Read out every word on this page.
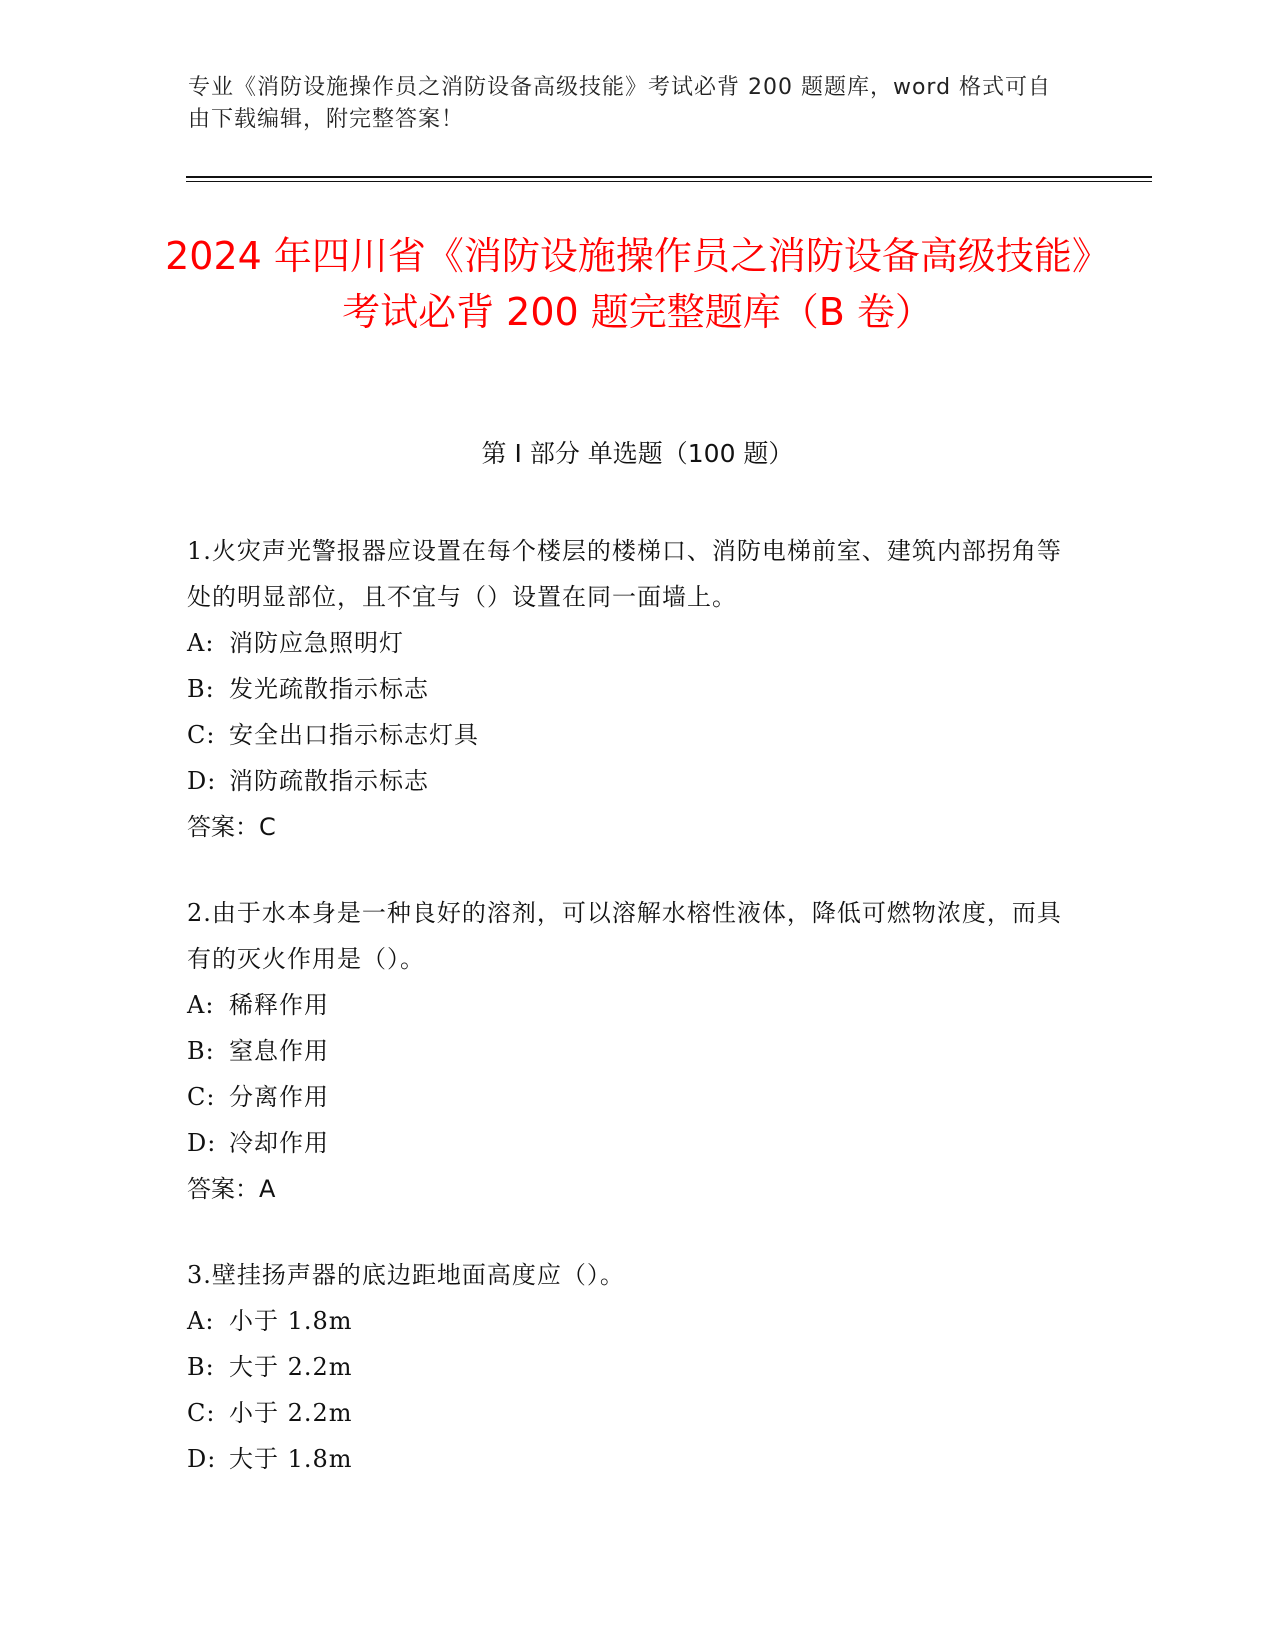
专业《消防设施操作员之消防设备高级技能》考试必背 200 题题库，word 格式可自由下载编辑，附完整答案！
2024 年四川省《消防设施操作员之消防设备高级技能》考试必背 200 题完整题库（B 卷）
第 I 部分 单选题（100 题）
1.火灾声光警报器应设置在每个楼层的楼梯口、消防电梯前室、建筑内部拐角等处的明显部位，且不宜与（）设置在同一面墙上。
A: 消防应急照明灯
B: 发光疏散指示标志
C: 安全出口指示标志灯具
D: 消防疏散指示标志
答案：C
2.由于水本身是一种良好的溶剂，可以溶解水榕性液体，降低可燃物浓度，而具有的灭火作用是（）。
A: 稀释作用
B: 窒息作用
C: 分离作用
D: 冷却作用
答案：A
3.壁挂扬声器的底边距地面高度应（）。
A: 小于 1.8m
B: 大于 2.2m
C: 小于 2.2m
D: 大于 1.8m
